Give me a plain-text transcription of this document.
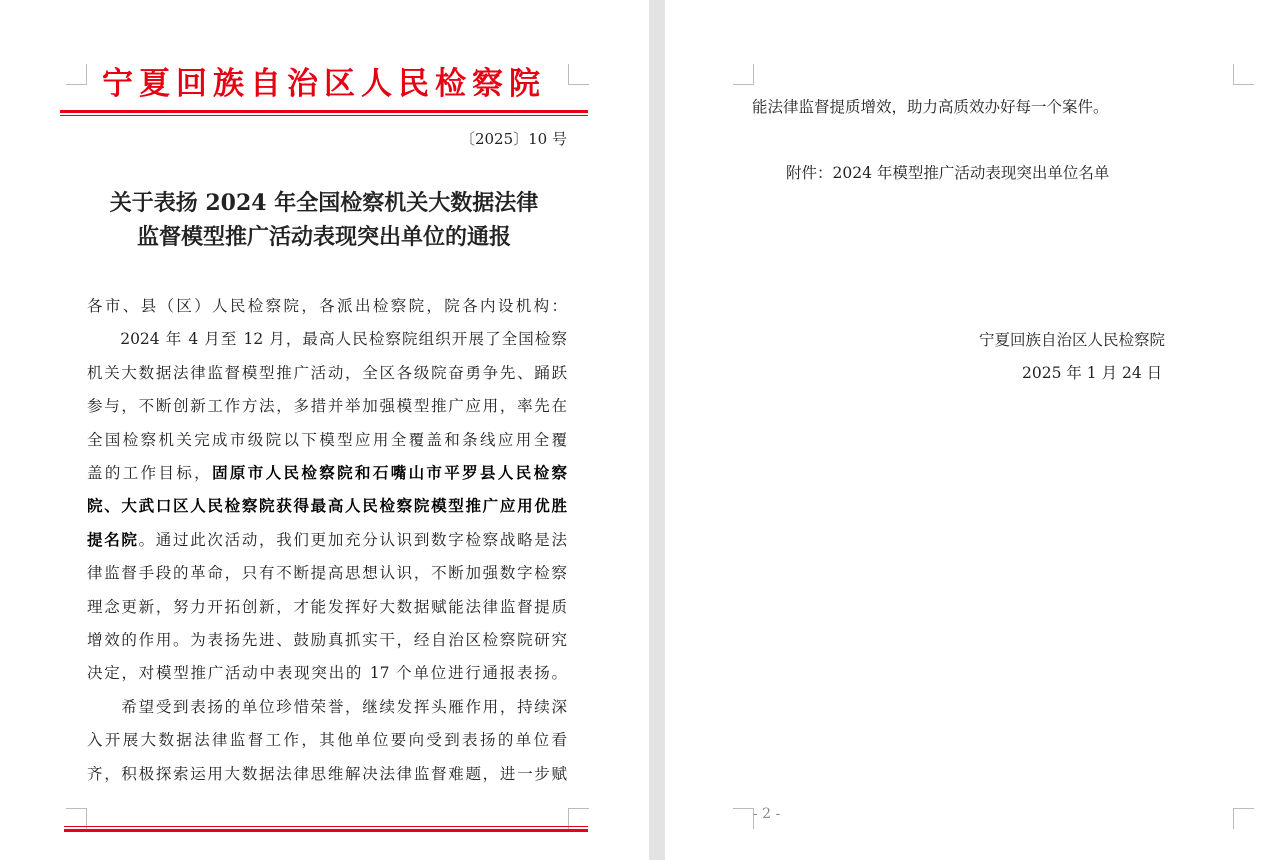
宁夏回族自治区人民检察院
〔2025〕10 号
关于表扬 2024 年全国检察机关大数据法律
监督模型推广活动表现突出单位的通报
各市、县（区）人民检察院，各派出检察院，院各内设机构：
　　2024 年 4 月至 12 月，最高人民检察院组织开展了全国检察
机关大数据法律监督模型推广活动，全区各级院奋勇争先、踊跃
参与，不断创新工作方法，多措并举加强模型推广应用，率先在
全国检察机关完成市级院以下模型应用全覆盖和条线应用全覆
盖的工作目标，固原市人民检察院和石嘴山市平罗县人民检察
院、大武口区人民检察院获得最高人民检察院模型推广应用优胜
提名院。通过此次活动，我们更加充分认识到数字检察战略是法
律监督手段的革命，只有不断提高思想认识，不断加强数字检察
理念更新，努力开拓创新，才能发挥好大数据赋能法律监督提质
增效的作用。为表扬先进、鼓励真抓实干，经自治区检察院研究
决定，对模型推广活动中表现突出的 17 个单位进行通报表扬。
　　希望受到表扬的单位珍惜荣誉，继续发挥头雁作用，持续深
入开展大数据法律监督工作，其他单位要向受到表扬的单位看
齐，积极探索运用大数据法律思维解决法律监督难题，进一步赋
能法律监督提质增效，助力高质效办好每一个案件。
附件：2024 年模型推广活动表现突出单位名单
宁夏回族自治区人民检察院
2025 年 1 月 24 日
- 2 -
